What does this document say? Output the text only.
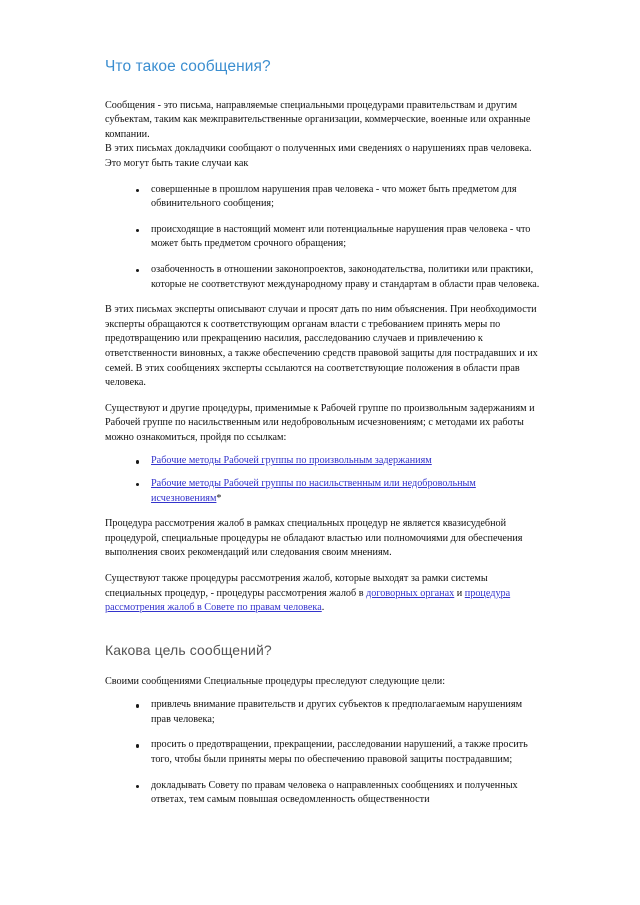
Что такое сообщения?

Сообщения - это письма, направляемые специальными процедурами правительствам и другим субъектам, таким как межправительственные организации, коммерческие, военные или охранные компании.

В этих письмах докладчики сообщают о полученных ими сведениях о нарушениях прав человека. Это могут быть такие случаи как

совершенные в прошлом нарушения прав человека - что может быть предметом для обвинительного сообщения;
происходящие в настоящий момент или потенциальные нарушения прав человека - что может быть предметом срочного обращения;
озабоченность в отношении законопроектов, законодательства, политики или практики, которые не соответствуют международному праву и стандартам в области прав человека.

В этих письмах эксперты описывают случаи и просят дать по ним объяснения. При необходимости эксперты обращаются к соответствующим органам власти с требованием принять меры по предотвращению или прекращению насилия, расследованию случаев и привлечению к ответственности виновных, а также обеспечению средств правовой защиты для пострадавших и их семей. В этих сообщениях эксперты ссылаются на соответствующие положения в области прав человека.

Существуют и другие процедуры, применимые к Рабочей группе по произвольным задержаниям и Рабочей группе по насильственным или недобровольным исчезновениям; с методами их работы можно ознакомиться, пройдя по ссылкам:

Рабочие методы Рабочей группы по произвольным задержаниям
Рабочие методы Рабочей группы по насильственным или недобровольным исчезновениям*

Процедура рассмотрения жалоб в рамках специальных процедур не является квазисудебной процедурой, специальные процедуры не обладают властью или полномочиями для обеспечения выполнения своих рекомендаций или следования своим мнениям.

Существуют также процедуры рассмотрения жалоб, которые выходят за рамки системы специальных процедур, - процедуры рассмотрения жалоб в договорных органах и процедура рассмотрения жалоб в Совете по правам человека.

Какова цель сообщений?

Своими сообщениями Специальные процедуры преследуют следующие цели:

привлечь внимание правительств и других субъектов к предполагаемым нарушениям прав человека;
просить о предотвращении, прекращении, расследовании нарушений, а также просить того, чтобы были приняты меры по обеспечению правовой защиты пострадавшим;
докладывать Совету по правам человека о направленных сообщениях и полученных ответах, тем самым повышая осведомленность общественности
